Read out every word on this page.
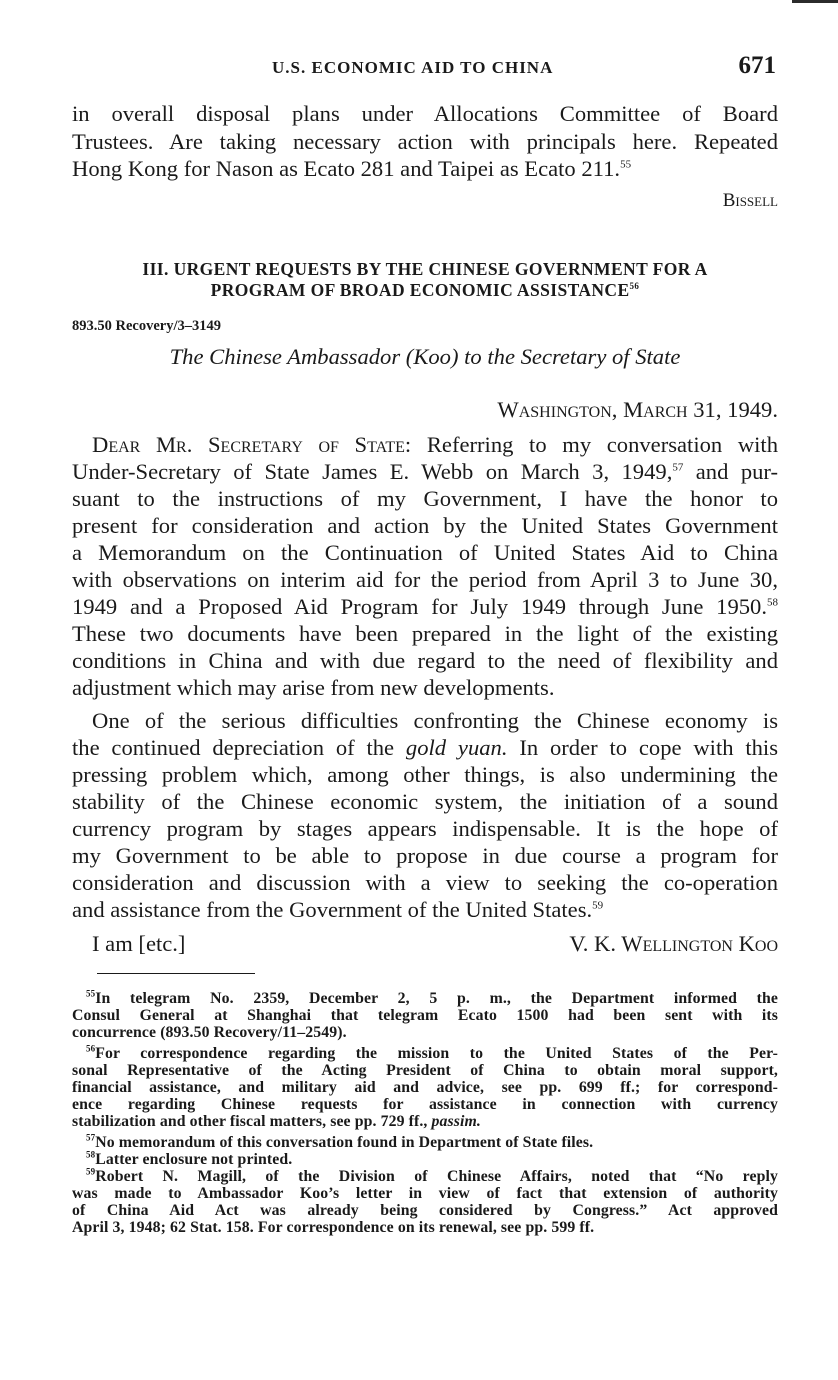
U.S. ECONOMIC AID TO CHINA	671
in overall disposal plans under Allocations Committee of Board
Trustees. Are taking necessary action with principals here. Repeated
Hong Kong for Nason as Ecato 281 and Taipei as Ecato 211.55
Bissell
III. URGENT REQUESTS BY THE CHINESE GOVERNMENT FOR A
PROGRAM OF BROAD ECONOMIC ASSISTANCE$^{56}$
893.50 Recovery/3–3149
The Chinese Ambassador (Koo) to the Secretary of State
Washington, March 31, 1949.
Dear Mr. Secretary of State: Referring to my conversation with
Under-Secretary of State James E. Webb on March 3, 1949,57 and pur-
suant to the instructions of my Government, I have the honor to
present for consideration and action by the United States Government
a Memorandum on the Continuation of United States Aid to China
with observations on interim aid for the period from April 3 to June 30,
1949 and a Proposed Aid Program for July 1949 through June 1950.58
These two documents have been prepared in the light of the existing
conditions in China and with due regard to the need of flexibility and
adjustment which may arise from new developments.
One of the serious difficulties confronting the Chinese economy is
the continued depreciation of the gold yuan. In order to cope with this
pressing problem which, among other things, is also undermining the
stability of the Chinese economic system, the initiation of a sound
currency program by stages appears indispensable. It is the hope of
my Government to be able to propose in due course a program for
consideration and discussion with a view to seeking the co-operation
and assistance from the Government of the United States.$^{59}$
I am [etc.]	V. K. Wellington Koo
$^{55}$In telegram No. 2359, December 2, 5 p. m., the Department informed the
Consul General at Shanghai that telegram Ecato 1500 had been sent with its
concurrence (893.50 Recovery/11–2549).
$^{56}$For correspondence regarding the mission to the United States of the Per-
sonal Representative of the Acting President of China to obtain moral support,
financial assistance, and military aid and advice, see pp. 699 ff.; for correspond-
ence regarding Chinese requests for assistance in connection with currency
stabilization and other fiscal matters, see pp. 729 ff., passim.
$^{57}$No memorandum of this conversation found in Department of State files.
$^{58}$Latter enclosure not printed.
$^{59}$Robert N. Magill, of the Division of Chinese Affairs, noted that “No reply
was made to Ambassador Koo’s letter in view of fact that extension of authority
of China Aid Act was already being considered by Congress.” Act approved
April 3, 1948; 62 Stat. 158. For correspondence on its renewal, see pp. 599 ff.
